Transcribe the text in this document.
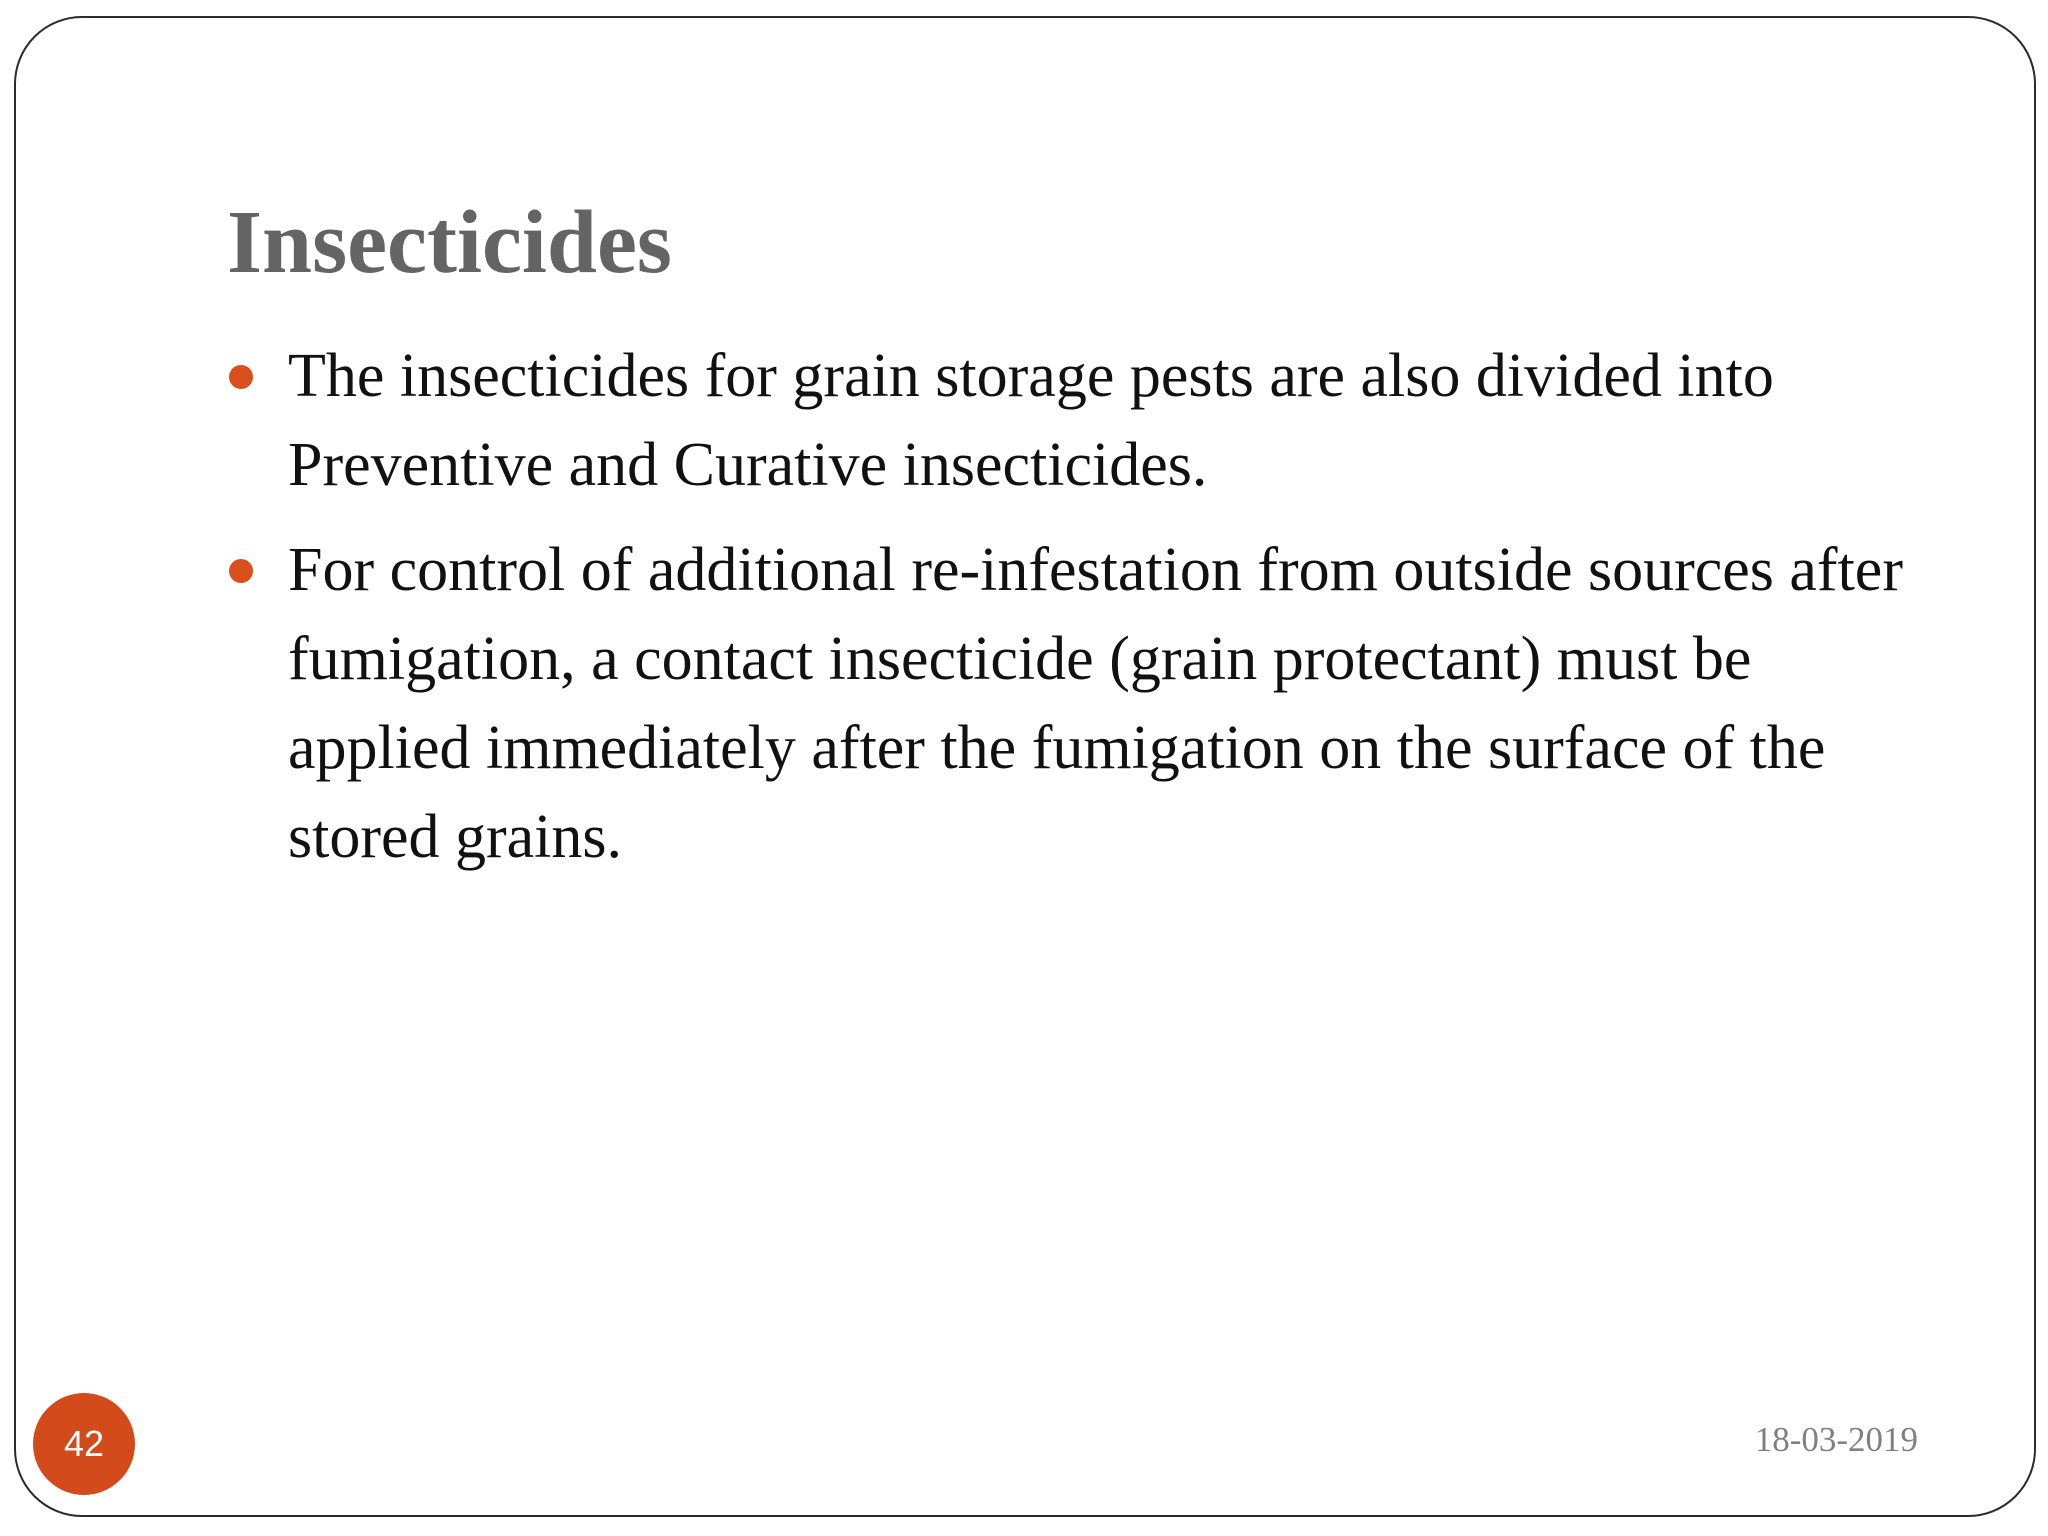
Insecticides
The insecticides for grain storage pests are also divided into Preventive and Curative insecticides.
For control of additional re-infestation from outside sources after fumigation, a contact insecticide (grain protectant) must be applied immediately after the fumigation on the surface of the stored grains.
42	18-03-2019
